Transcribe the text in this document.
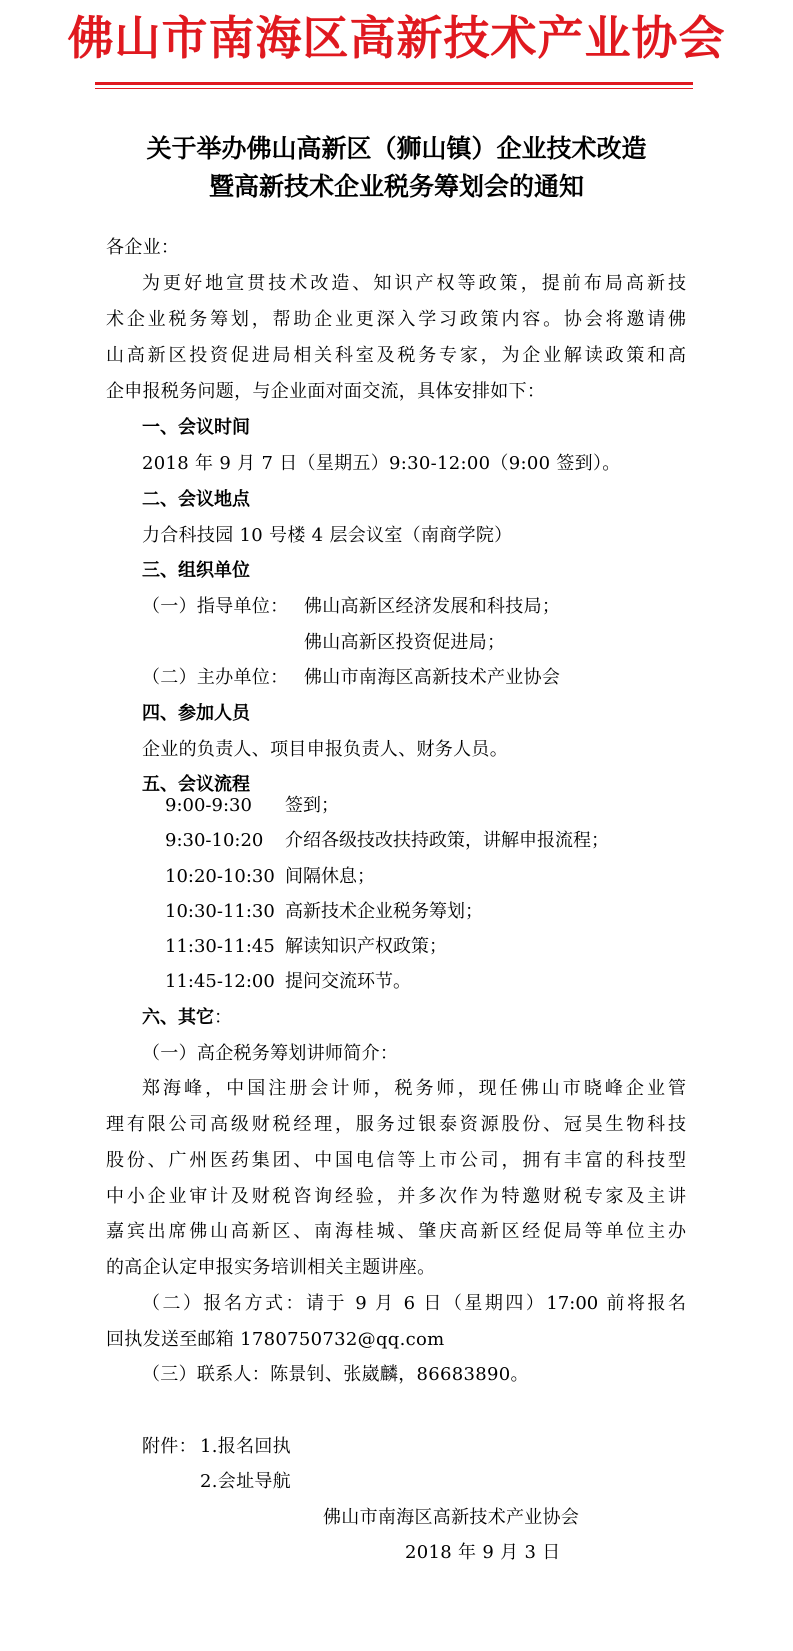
佛山市南海区高新技术产业协会
关于举办佛山高新区（狮山镇）企业技术改造
暨高新技术企业税务筹划会的通知
各企业：
为更好地宣贯技术改造、知识产权等政策，提前布局高新技
术企业税务筹划，帮助企业更深入学习政策内容。协会将邀请佛
山高新区投资促进局相关科室及税务专家，为企业解读政策和高
企申报税务问题，与企业面对面交流，具体安排如下：
一、会议时间
2018 年 9 月 7 日（星期五）9:30-12:00（9:00 签到）。
二、会议地点
力合科技园 10 号楼 4 层会议室（南商学院）
三、组织单位
（一）指导单位： 佛山高新区经济发展和科技局；
佛山高新区投资促进局；
（二）主办单位： 佛山市南海区高新技术产业协会
四、参加人员
企业的负责人、项目申报负责人、财务人员。
五、会议流程
9:00-9:30 签到；
9:30-10:20 介绍各级技改扶持政策，讲解申报流程；
10:20-10:30 间隔休息；
10:30-11:30 高新技术企业税务筹划；
11:30-11:45 解读知识产权政策；
11:45-12:00 提问交流环节。
六、其它：
（一）高企税务筹划讲师简介：
郑海峰，中国注册会计师，税务师，现任佛山市晓峰企业管
理有限公司高级财税经理，服务过银泰资源股份、冠昊生物科技
股份、广州医药集团、中国电信等上市公司，拥有丰富的科技型
中小企业审计及财税咨询经验，并多次作为特邀财税专家及主讲
嘉宾出席佛山高新区、南海桂城、肇庆高新区经促局等单位主办
的高企认定申报实务培训相关主题讲座。
（二）报名方式：请于 9 月 6 日（星期四）17:00 前将报名
回执发送至邮箱 1780750732@qq.com
（三）联系人：陈景钊、张崴麟，86683890。
附件： 1.报名回执
2.会址导航
佛山市南海区高新技术产业协会
2018 年 9 月 3 日
